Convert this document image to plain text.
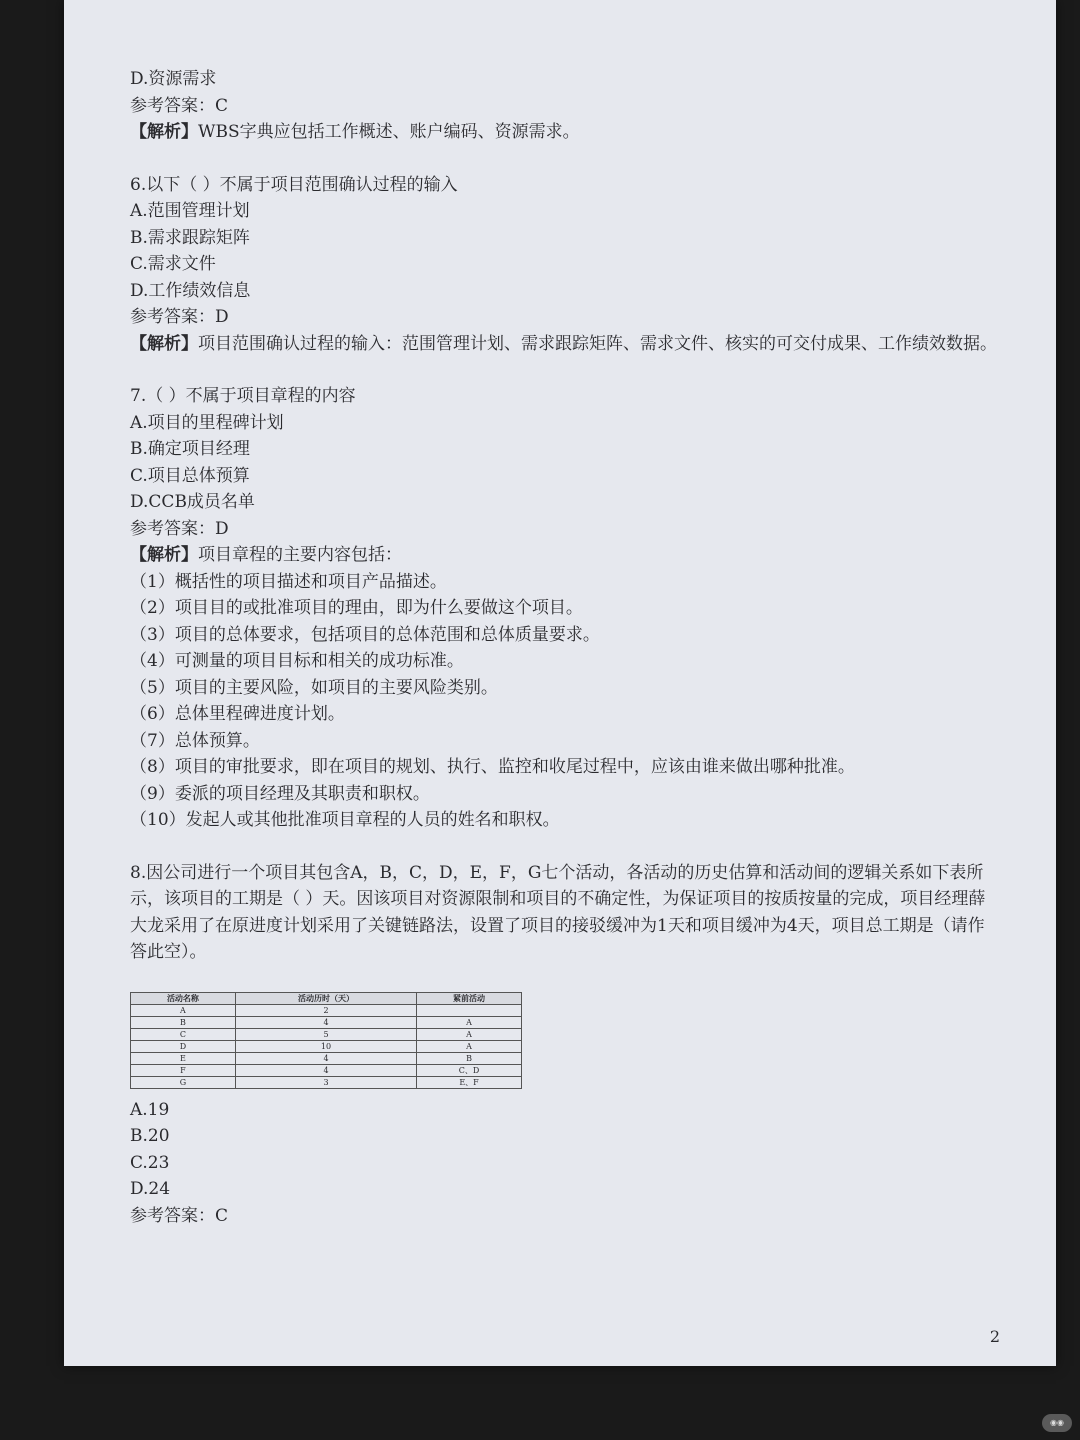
D.资源需求
参考答案：C
【解析】WBS字典应包括工作概述、账户编码、资源需求。
6.以下（ ）不属于项目范围确认过程的输入
A.范围管理计划
B.需求跟踪矩阵
C.需求文件
D.工作绩效信息
参考答案：D
【解析】项目范围确认过程的输入：范围管理计划、需求跟踪矩阵、需求文件、核实的可交付成果、工作绩效数据。
7.（ ）不属于项目章程的内容
A.项目的里程碑计划
B.确定项目经理
C.项目总体预算
D.CCB成员名单
参考答案：D
【解析】项目章程的主要内容包括：
（1）概括性的项目描述和项目产品描述。
（2）项目目的或批准项目的理由，即为什么要做这个项目。
（3）项目的总体要求，包括项目的总体范围和总体质量要求。
（4）可测量的项目目标和相关的成功标准。
（5）项目的主要风险，如项目的主要风险类别。
（6）总体里程碑进度计划。
（7）总体预算。
（8）项目的审批要求，即在项目的规划、执行、监控和收尾过程中，应该由谁来做出哪种批准。
（9）委派的项目经理及其职责和职权。
（10）发起人或其他批准项目章程的人员的姓名和职权。
8.因公司进行一个项目其包含A，B，C，D，E，F，G七个活动，各活动的历史估算和活动间的逻辑关系如下表所示，该项目的工期是（ ）天。因该项目对资源限制和项目的不确定性，为保证项目的按质按量的完成，项目经理薛大龙采用了在原进度计划采用了关键链路法，设置了项目的接驳缓冲为1天和项目缓冲为4天，项目总工期是（请作答此空）。
活动名称	活动历时（天）	紧前活动
A	2	
B	4	A
C	5	A
D	10	A
E	4	B
F	4	C、D
G	3	E、F
A.19
B.20
C.23
D.24
参考答案：C
2
◉◉
